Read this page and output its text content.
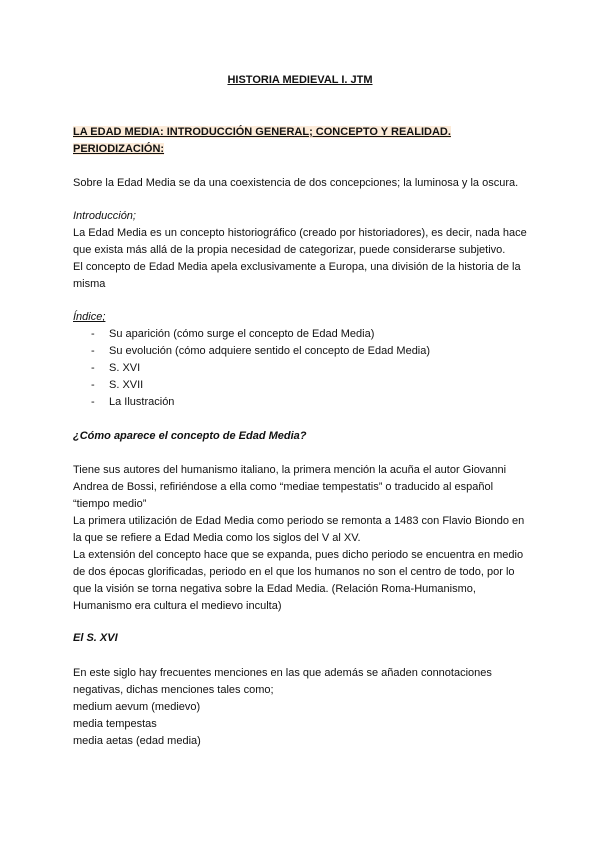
HISTORIA MEDIEVAL I. JTM
LA EDAD MEDIA: INTRODUCCIÓN GENERAL; CONCEPTO Y REALIDAD.
PERIODIZACIÓN:
Sobre la Edad Media se da una coexistencia de dos concepciones; la luminosa y la oscura.
Introducción;
La Edad Media es un concepto historiográfico (creado por historiadores), es decir, nada hace
que exista más allá de la propia necesidad de categorizar, puede considerarse subjetivo.
El concepto de Edad Media apela exclusivamente a Europa, una división de la historia de la
misma
Índice;
- Su aparición (cómo surge el concepto de Edad Media)
- Su evolución (cómo adquiere sentido el concepto de Edad Media)
- S. XVI
- S. XVII
- La Ilustración
¿Cómo aparece el concepto de Edad Media?
Tiene sus autores del humanismo italiano, la primera mención la acuña el autor Giovanni
Andrea de Bossi, refiriéndose a ella como “mediae tempestatis” o traducido al español
“tiempo medio”
La primera utilización de Edad Media como periodo se remonta a 1483 con Flavio Biondo en
la que se refiere a Edad Media como los siglos del V al XV.
La extensión del concepto hace que se expanda, pues dicho periodo se encuentra en medio
de dos épocas glorificadas, periodo en el que los humanos no son el centro de todo, por lo
que la visión se torna negativa sobre la Edad Media. (Relación Roma-Humanismo,
Humanismo era cultura el medievo inculta)
El S. XVI
En este siglo hay frecuentes menciones en las que además se añaden connotaciones
negativas, dichas menciones tales como;
medium aevum (medievo)
media tempestas
media aetas (edad media)
